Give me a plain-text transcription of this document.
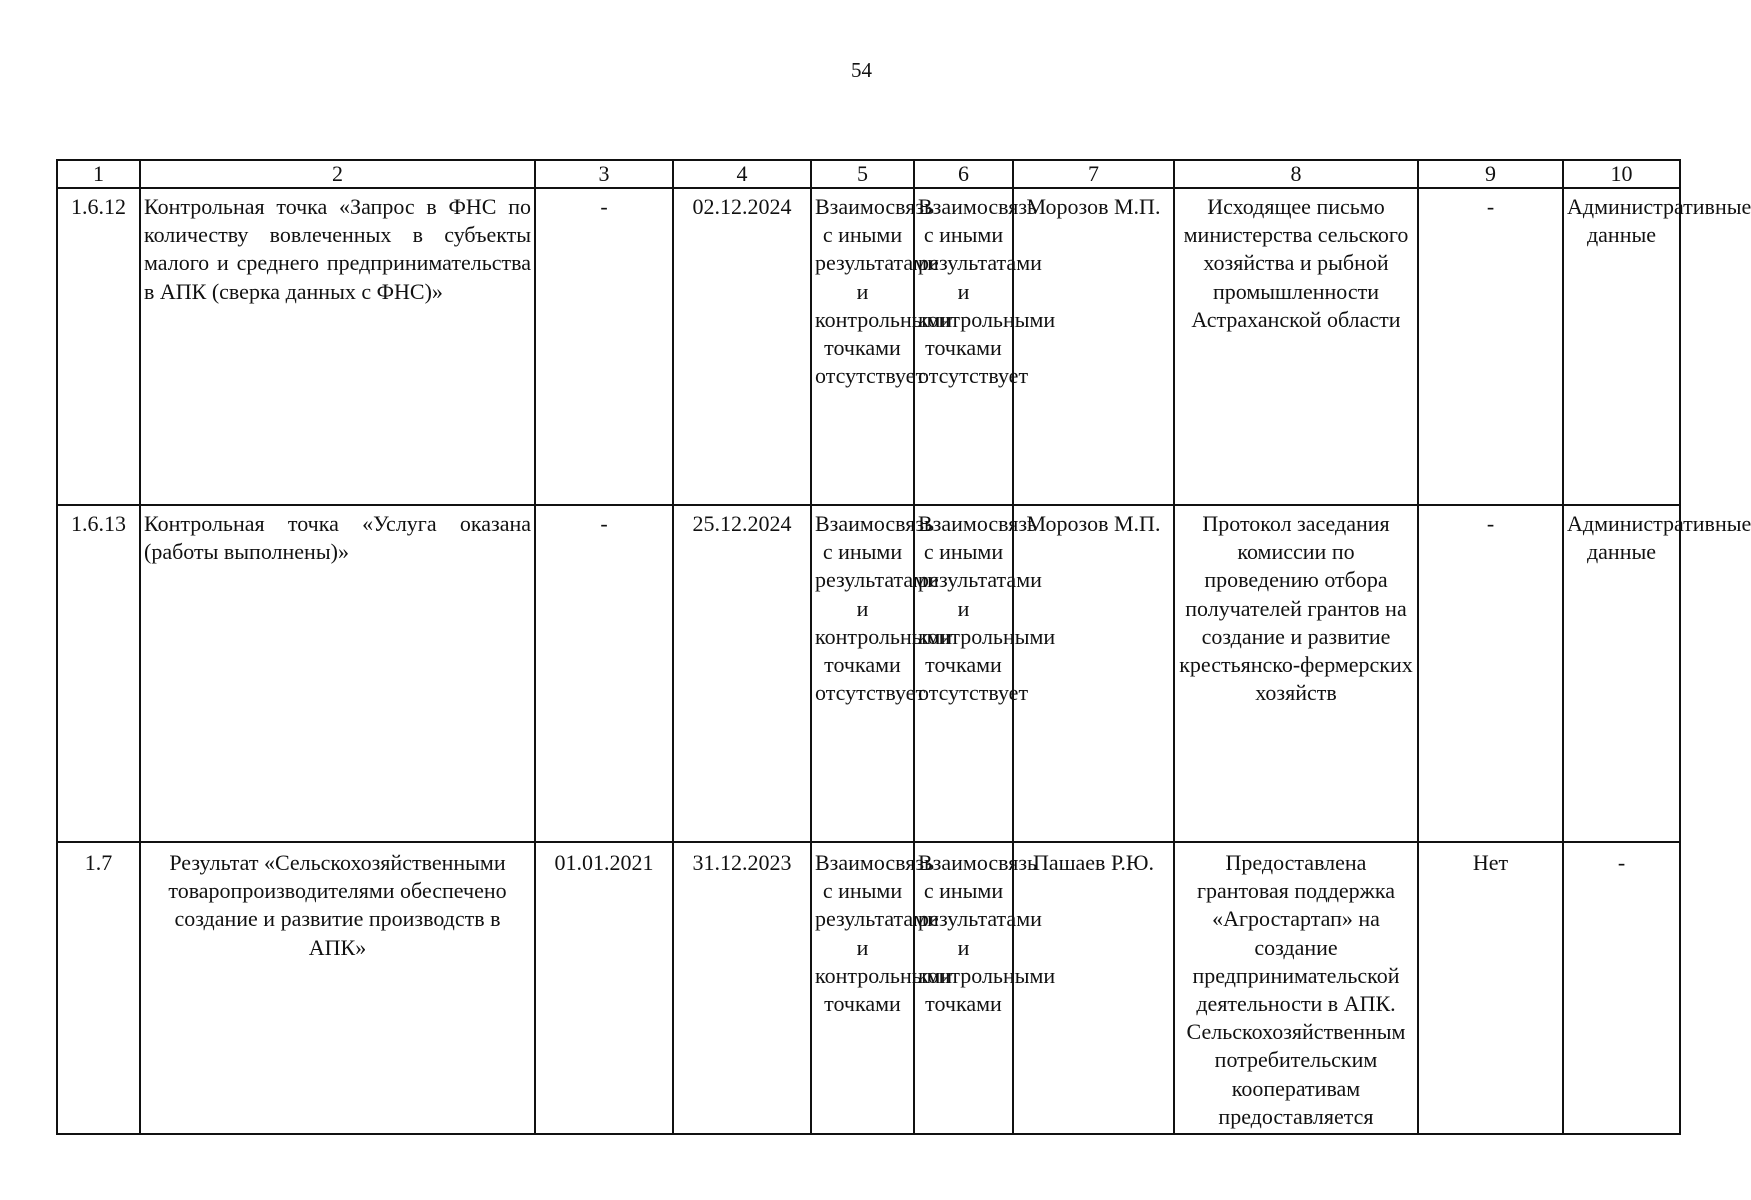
54
1	2	3	4	5	6	7	8	9	10
1.6.12	Контрольная точка «Запрос в ФНС по количеству вовлеченных в субъекты малого и среднего предпринимательства в АПК (сверка данных с ФНС)»	-	02.12.2024	Взаимосвязь с иными результатами и контрольными точками отсутствует	Взаимосвязь с иными результатами и контрольными точками отсутствует	Морозов М.П.	Исходящее письмо министерства сельского хозяйства и рыбной промышленности Астраханской области	-	Административные данные
1.6.13	Контрольная точка «Услуга оказана (работы выполнены)»	-	25.12.2024	Взаимосвязь с иными результатами и контрольными точками отсутствует	Взаимосвязь с иными результатами и контрольными точками отсутствует	Морозов М.П.	Протокол заседания комиссии по проведению отбора получателей грантов на создание и развитие крестьянско-фермерских хозяйств	-	Административные данные
1.7	Результат «Сельскохозяйственными товаропроизводителями обеспечено создание и развитие производств в АПК»	01.01.2021	31.12.2023	Взаимосвязь с иными результатами и контрольными точками	Взаимосвязь с иными результатами и контрольными точками	Пашаев Р.Ю.	Предоставлена грантовая поддержка «Агростартап» на создание предпринимательской деятельности в АПК. Сельскохозяйственным потребительским кооперативам предоставляется	Нет	-
